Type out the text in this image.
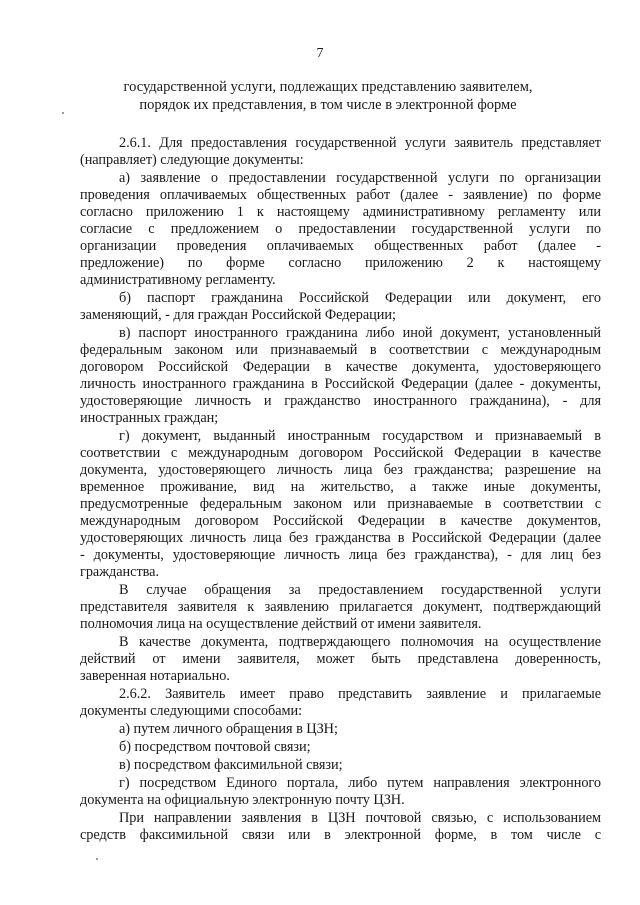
7
государственной услуги, подлежащих представлению заявителем,
порядок их представления, в том числе в электронной форме
2.6.1. Для предоставления государственной услуги заявитель представляет
(направляет) следующие документы:
а) заявление о предоставлении государственной услуги по организации
проведения оплачиваемых общественных работ (далее - заявление) по форме
согласно приложению 1 к настоящему административному регламенту или
согласие с предложением о предоставлении государственной услуги по
организации проведения оплачиваемых общественных работ (далее -
предложение) по форме согласно приложению 2 к настоящему
административному регламенту.
б) паспорт гражданина Российской Федерации или документ, его
заменяющий, - для граждан Российской Федерации;
в) паспорт иностранного гражданина либо иной документ, установленный
федеральным законом или признаваемый в соответствии с международным
договором Российской Федерации в качестве документа, удостоверяющего
личность иностранного гражданина в Российской Федерации (далее - документы,
удостоверяющие личность и гражданство иностранного гражданина), - для
иностранных граждан;
г) документ, выданный иностранным государством и признаваемый в
соответствии с международным договором Российской Федерации в качестве
документа, удостоверяющего личность лица без гражданства; разрешение на
временное проживание, вид на жительство, а также иные документы,
предусмотренные федеральным законом или признаваемые в соответствии с
международным договором Российской Федерации в качестве документов,
удостоверяющих личность лица без гражданства в Российской Федерации (далее
- документы, удостоверяющие личность лица без гражданства), - для лиц без
гражданства.
В случае обращения за предоставлением государственной услуги
представителя заявителя к заявлению прилагается документ, подтверждающий
полномочия лица на осуществление действий от имени заявителя.
В качестве документа, подтверждающего полномочия на осуществление
действий от имени заявителя, может быть представлена доверенность,
заверенная нотариально.
2.6.2. Заявитель имеет право представить заявление и прилагаемые
документы следующими способами:
а) путем личного обращения в ЦЗН;
б) посредством почтовой связи;
в) посредством факсимильной связи;
г) посредством Единого портала, либо путем направления электронного
документа на официальную электронную почту ЦЗН.
При направлении заявления в ЦЗН почтовой связью, с использованием
средств факсимильной связи или в электронной форме, в том числе с
